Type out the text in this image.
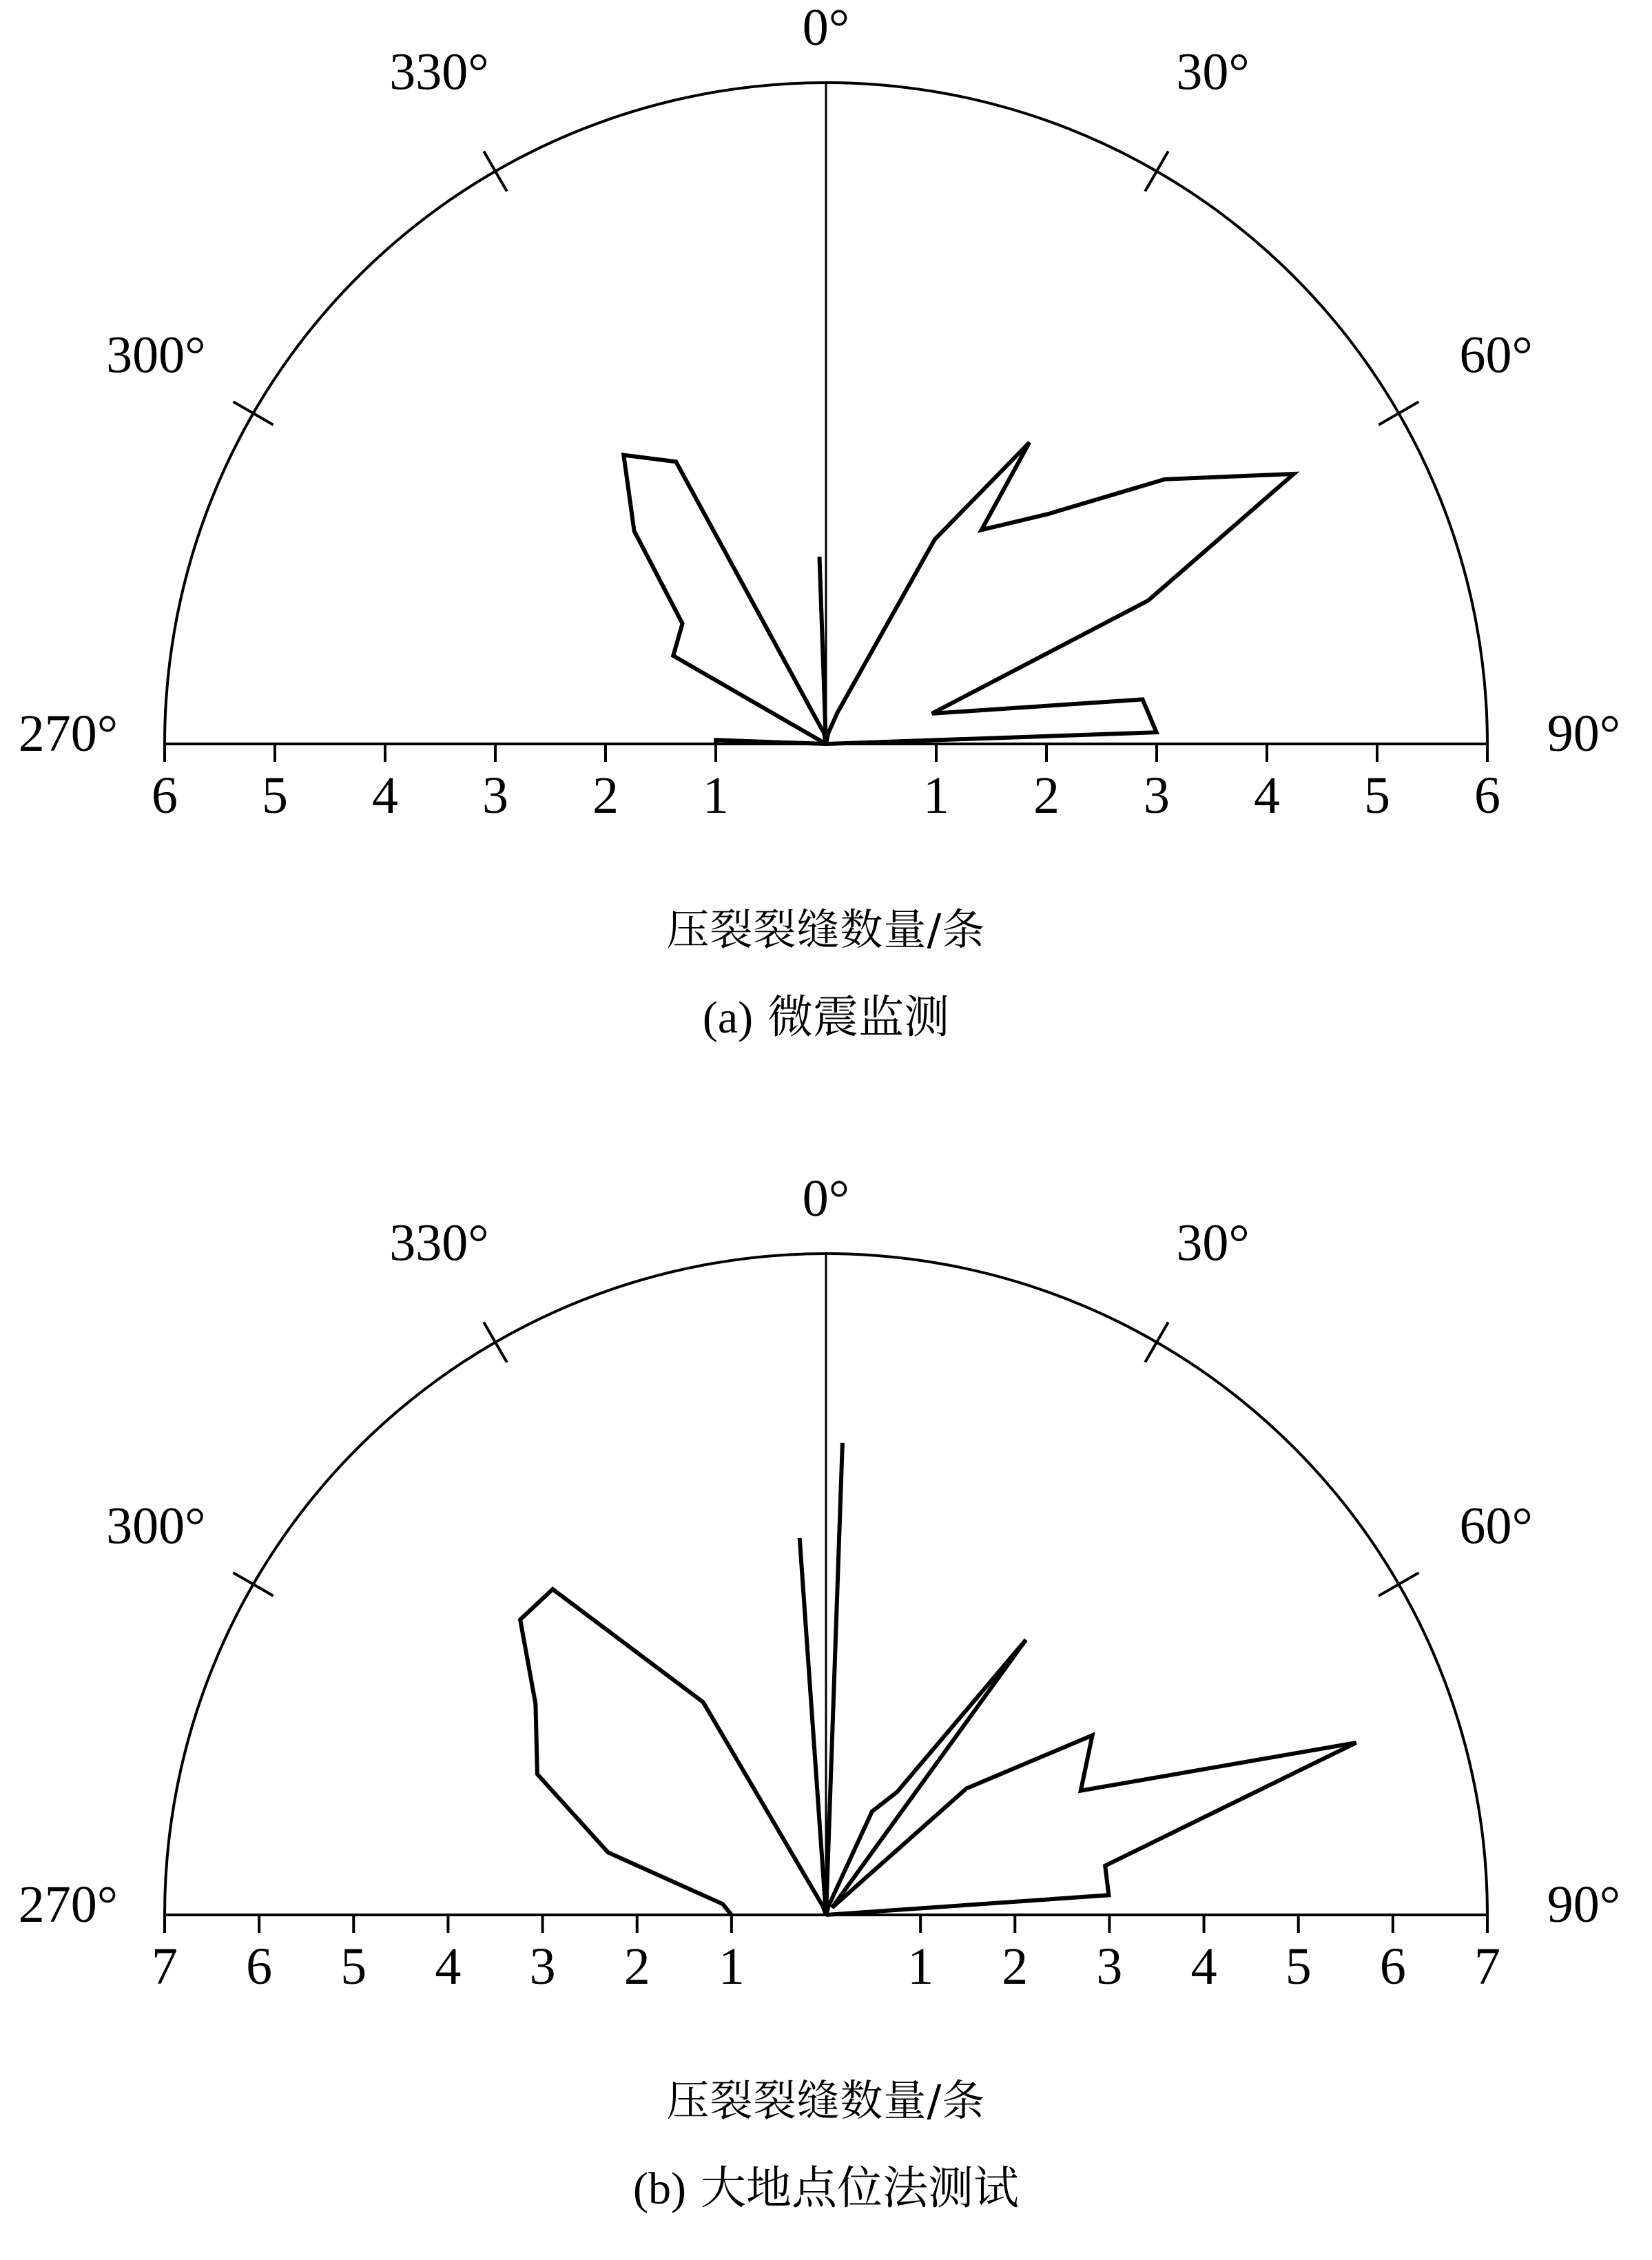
270°
300°
330°
0°
30°
60°
90°
6 5 4 3 2 1	1 2 3 4 5 6
压裂裂缝数量/条
(a) 微震监测
270°
300°
330°
0°
30°
60°
90°
7 6 5 4 3 2 1	1 2 3 4 5 6 7
压裂裂缝数量/条
(b) 大地点位法测试
